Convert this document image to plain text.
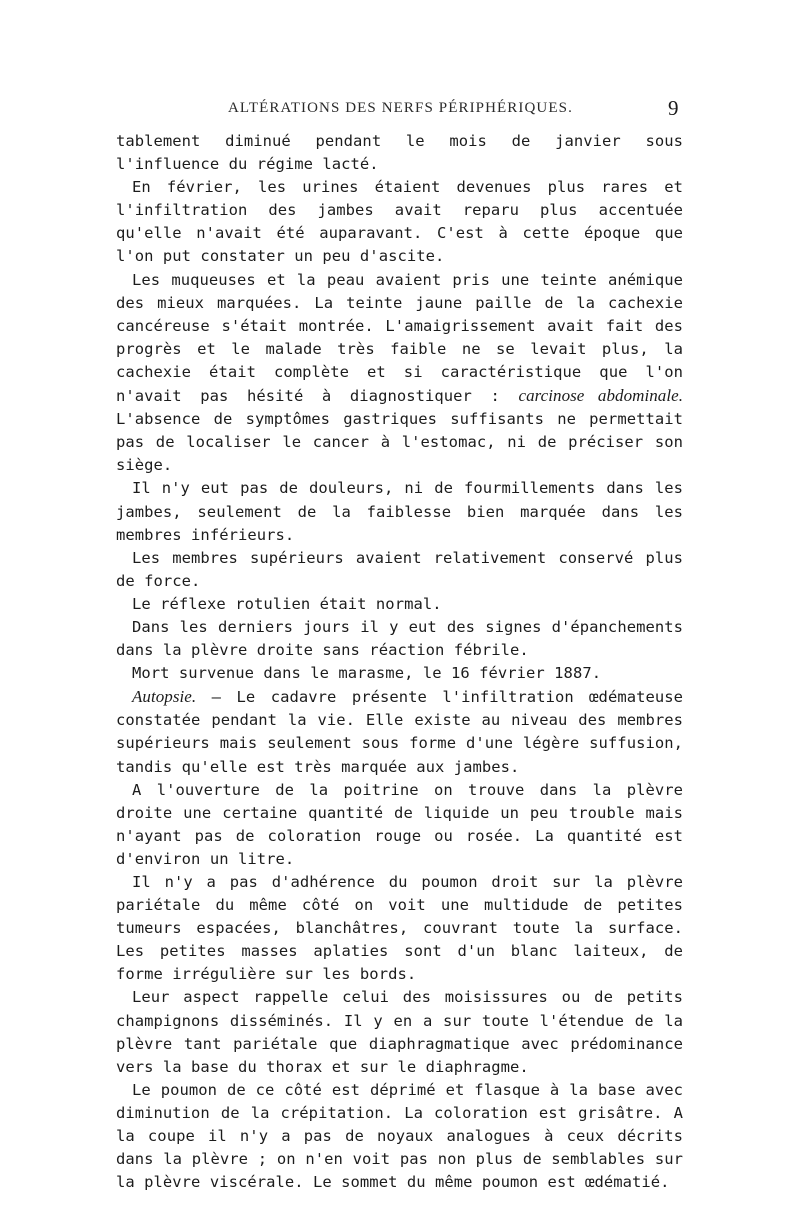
ALTÉRATIONS DES NERFS PÉRIPHÉRIQUES.	9

tablement diminué pendant le mois de janvier sous l'influence du régime lacté.

En février, les urines étaient devenues plus rares et l'infiltration des jambes avait reparu plus accentuée qu'elle n'avait été auparavant. C'est à cette époque que l'on put constater un peu d'ascite.

Les muqueuses et la peau avaient pris une teinte anémique des mieux marquées. La teinte jaune paille de la cachexie cancéreuse s'était montrée. L'amaigrissement avait fait des progrès et le malade très faible ne se levait plus, la cachexie était complète et si caractéristique que l'on n'avait pas hésité à diagnostiquer : carcinose abdominale. L'absence de symptômes gastriques suffisants ne permettait pas de localiser le cancer à l'estomac, ni de préciser son siège.

Il n'y eut pas de douleurs, ni de fourmillements dans les jambes, seulement de la faiblesse bien marquée dans les membres inférieurs.

Les membres supérieurs avaient relativement conservé plus de force.

Le réflexe rotulien était normal.

Dans les derniers jours il y eut des signes d'épanchements dans la plèvre droite sans réaction fébrile.

Mort survenue dans le marasme, le 16 février 1887.

Autopsie. — Le cadavre présente l'infiltration œdémateuse constatée pendant la vie. Elle existe au niveau des membres supérieurs mais seulement sous forme d'une légère suffusion, tandis qu'elle est très marquée aux jambes.

A l'ouverture de la poitrine on trouve dans la plèvre droite une certaine quantité de liquide un peu trouble mais n'ayant pas de coloration rouge ou rosée. La quantité est d'environ un litre.

Il n'y a pas d'adhérence du poumon droit sur la plèvre pariétale du même côté on voit une multidude de petites tumeurs espacées, blanchâtres, couvrant toute la surface. Les petites masses aplaties sont d'un blanc laiteux, de forme irrégulière sur les bords.

Leur aspect rappelle celui des moisissures ou de petits champignons disséminés. Il y en a sur toute l'étendue de la plèvre tant pariétale que diaphragmatique avec prédominance vers la base du thorax et sur le diaphragme.

Le poumon de ce côté est déprimé et flasque à la base avec diminution de la crépitation. La coloration est grisâtre. A la coupe il n'y a pas de noyaux analogues à ceux décrits dans la plèvre ; on n'en voit pas non plus de semblables sur la plèvre viscérale. Le sommet du même poumon est œdématié.
